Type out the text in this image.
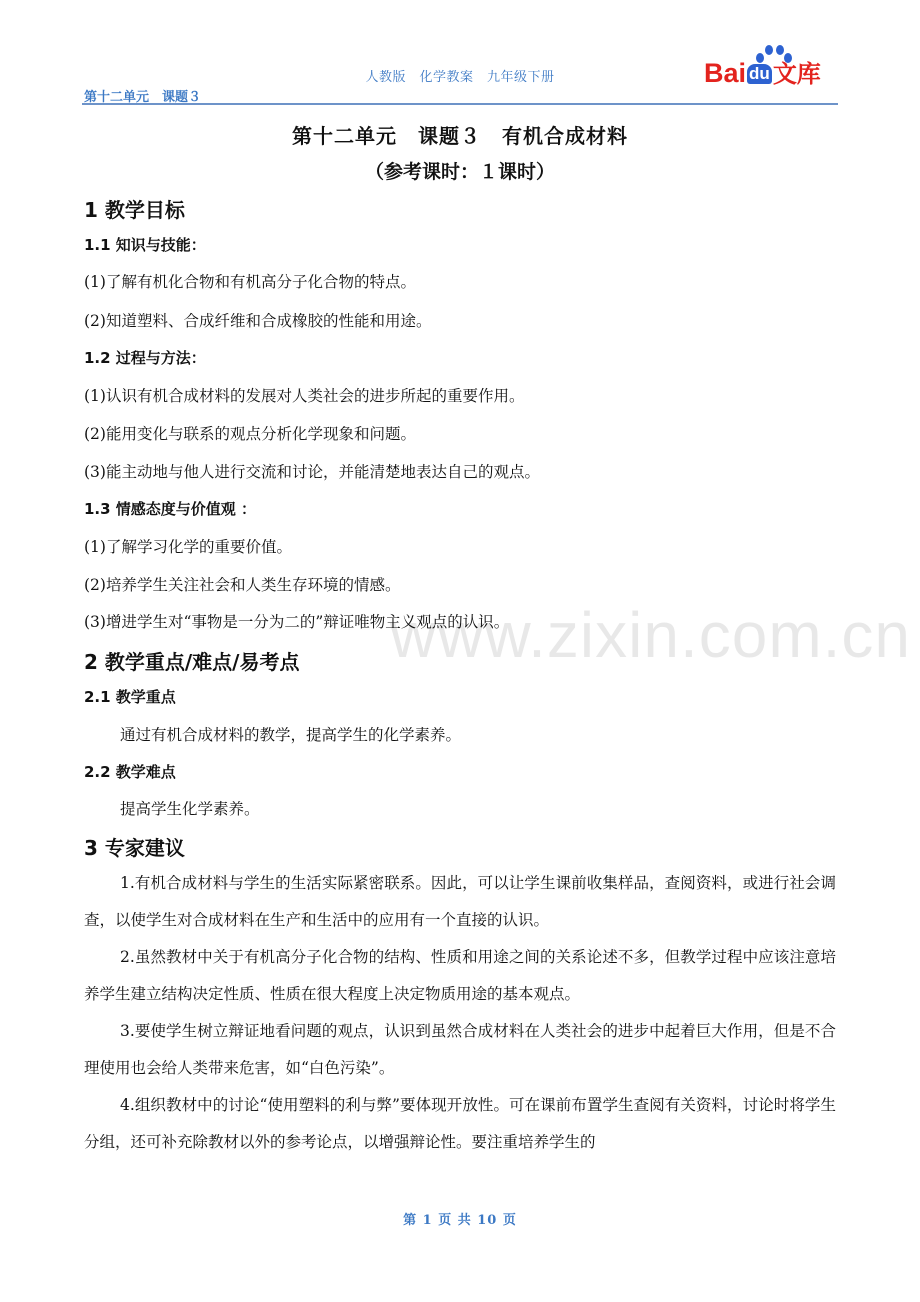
人教版　化学教案　九年级下册
第十二单元　课题３
Bai du 文库
第十二单元　课题３　有机合成材料
（参考课时：１课时）
1 教学目标
1.1 知识与技能：
(1)了解有机化合物和有机高分子化合物的特点。
(2)知道塑料、合成纤维和合成橡胶的性能和用途。
1.2 过程与方法：
(1)认识有机合成材料的发展对人类社会的进步所起的重要作用。
(2)能用变化与联系的观点分析化学现象和问题。
(3)能主动地与他人进行交流和讨论，并能清楚地表达自己的观点。
1.3 情感态度与价值观 ：
(1)了解学习化学的重要价值。
(2)培养学生关注社会和人类生存环境的情感。
(3)增进学生对“事物是一分为二的”辩证唯物主义观点的认识。
www.zixin.com.cn
2 教学重点/难点/易考点
2.1 教学重点
通过有机合成材料的教学，提高学生的化学素养。
2.2 教学难点
提高学生化学素养。
3 专家建议
1.有机合成材料与学生的生活实际紧密联系。因此，可以让学生课前收集样品，查阅资料，或进行社会调查，以使学生对合成材料在生产和生活中的应用有一个直接的认识。
2.虽然教材中关于有机高分子化合物的结构、性质和用途之间的关系论述不多，但教学过程中应该注意培养学生建立结构决定性质、性质在很大程度上决定物质用途的基本观点。
3.要使学生树立辩证地看问题的观点，认识到虽然合成材料在人类社会的进步中起着巨大作用，但是不合理使用也会给人类带来危害，如“白色污染”。
4.组织教材中的讨论“使用塑料的利与弊”要体现开放性。可在课前布置学生查阅有关资料，讨论时将学生分组，还可补充除教材以外的参考论点，以增强辩论性。要注重培养学生的
第 1 页 共 10 页
